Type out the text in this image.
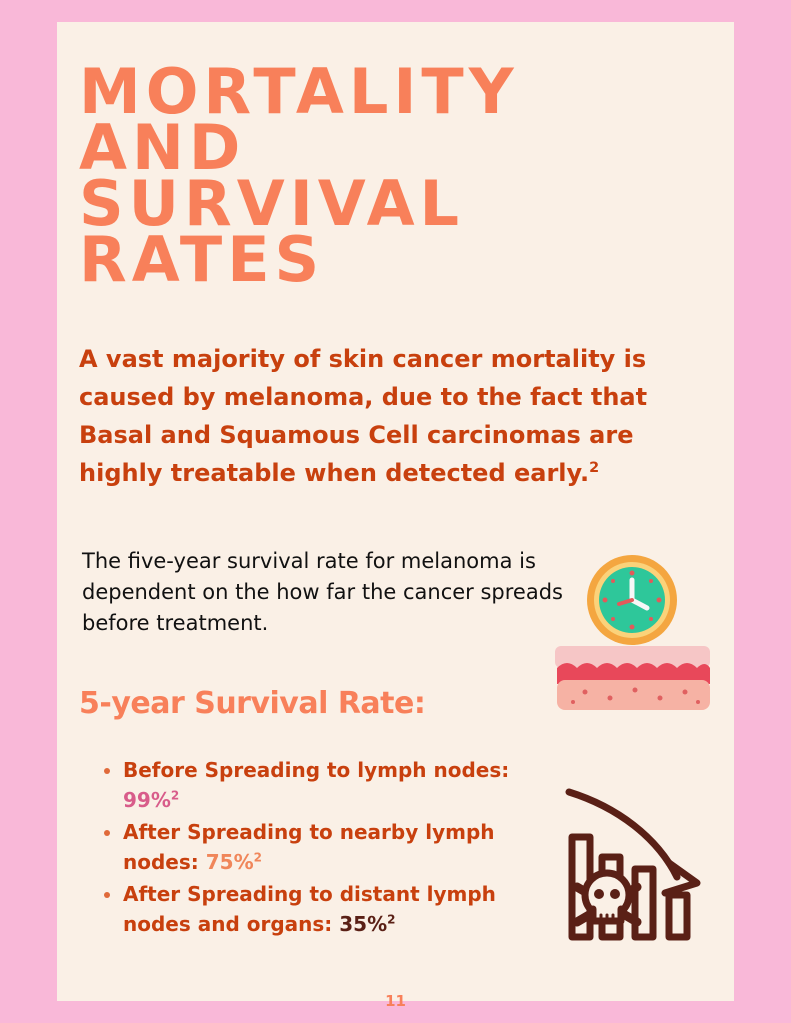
MORTALITY
AND
SURVIVAL
RATES

A vast majority of skin cancer mortality is caused by melanoma, due to the fact that Basal and Squamous Cell carcinomas are highly treatable when detected early.$^2$

The five-year survival rate for melanoma is dependent on the how far the cancer spreads before treatment.

5-year Survival Rate:
• Before Spreading to lymph nodes: 99%$^2$
• After Spreading to nearby lymph nodes: 75%$^2$
• After Spreading to distant lymph nodes and organs: 35%$^2$
11
